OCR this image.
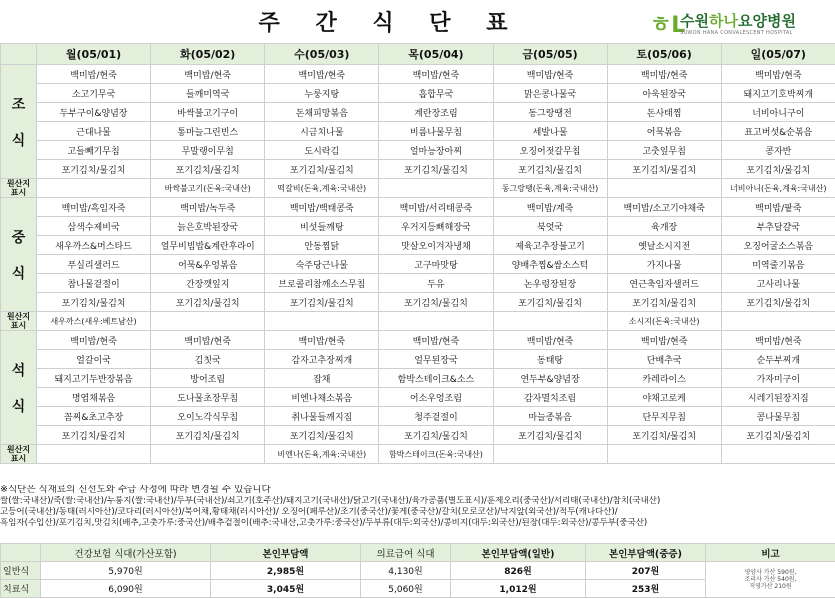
주 간 식 단 표	ㅎL
수원하나요양병원
SUWON HANA CONVALESCENT HOSPITAL
	월(05/01)	화(05/02)	수(05/03)	목(05/04)	금(05/05)	토(05/06)	일(05/07)
조

식	백미밥/현죽	백미밥/현죽	백미밥/현죽	백미밥/현죽	백미밥/현죽	백미밥/현죽	백미밥/현죽
	소고기무국	들깨미역국	누룽지탕	흡합무국	맑은콩나물국	아욱된장국	돼지고기호박찌개
	두부구이&양념장	바싹불고기구이	돈채피망볶음	계란장조림	동그랑땡전	돈사태찜	너비아니구이
	근대나물	통마늘그린빈스	시금치나물	비름나물무침	세발나물	어묵볶음	표고버섯&순볶음
	고들빼기무침	무말랭이무침	도시락김	얼마능장아찌	오징어젓갈무침	고춧잎무침	콩자반
	포기김치/물김치	포기김치/물김치	포기김치/물김치	포기김치/물김치	포기김치/물김치	포기김치/물김치	포기김치/물김치
원산지
표시		바싹불고기(돈육:국내산)	떡갈비(돈육,계육:국내산)		동그랑땡(돈육,계육:국내산)		너비아니(돈육,계육:국내산)
중

식	백미밥/흑임자죽	백미밥/녹두죽	백미밥/백태콩죽	백미밥/서리태콩죽	백미밥/계죽	백미밥/소고기야채죽	백미밥/팥죽
	삼색수제비국	늙은호박된장국	비섯들깨탕	우거지등뼈해장국	북엇국	육개장	부추달걀국
	새우까스&머스타드	얼무비빔밥&계란후라이	안동찜닭	맛살오이겨자냉채	제육고추장불고기	옛날소시지전	오징어굴소스볶음
	푸실리샐러드	어묵&우엉볶음	숙주당근나물	고구마맛탕	양배추찜&쌈소스턱	가지나물	미역줄기볶음
	참나물겉절이	간장깻잎지	브로콜리참깨소스무침	두유	논우렁장된장	연근축임자샐러드	고사리나물
	포기김치/물김치	포기김치/물김치	포기김치/물김치	포기김치/물김치	포기김치/물김치	포기김치/물김치	포기김치/물김치
원산지
표시	새우까스(새우:베트남산)					소시지(돈육:국내산)	
석

식	백미밥/현죽	백미밥/현죽	백미밥/현죽	백미밥/현죽	백미밥/현죽	백미밥/현죽	백미밥/현죽
	얼갈이국	김칫국	감자고추장찌개	얼무된장국	동태탕	단배추국	순두부찌개
	돼지고기두반장볶음	방어조림	잡채	함박스테이크&소스	연두부&양념장	카레라이스	가자미구이
	명엽채볶음	도나물초장무침	비엔나채소볶음	어소우엉조림	감자멸치조림	야채고로케	시레기된장지짐
	꼼찌&초고추장	오이노각식무침	취나물들깨지짐	청주겉절이	마늘종볶음	단무지무침	콩나물무침
	포기김치/물김치	포기김치/물김치	포기김치/물김치	포기김치/물김치	포기김치/물김치	포기김치/물김치	포기김치/물김치
원산지
표시			비엔나(돈육,계육:국내산)	함박스테이크(돈육:국내산)			
※식단은 식재료의 신선도와 수급 사정에 따라 변경될 수 있습니다
쌀(쌀:국내산)/죽(쌀:국내산)/누룽지(쌀:국내산)/두부(국내산)/쇠고기(호주산)/돼지고기(국내산)/닭고기(국내산)/육가공품(별도표시)/훈제오리(중국산)/서리태(국내산)/참치(국내산)
고등어(국내산)/동태(러시아산)/코다리(러시아산)/북어채,황태채(러시아산)/ 오징어(페루산)/조기(중국산)/꽃게(중국산)/갈치(모로코산)/낙지앞(외국산)/적두(캐나다산)/
흑임자(수입산)/포기김치,맛김치(배추,고춧가루:중국산)/배추겉절이(배추:국내산,고춧가루:중국산)/두부류(대두:외국산)/콩비지(대두:외국산)/된장(대두:외국산)/콩두부(중국산)
	건강보험 식대(가산포함)	본인부담액	의료급여 식대	본인부담액(일반)	본인부담액(중증)	비고
일반식	5,970원	2,985원	4,130원	826원	207원	영양사 가산 590원,
조리사 가산 540원,
직영가산 210원
치료식	6,090원	3,045원	5,060원	1,012원	253원	
